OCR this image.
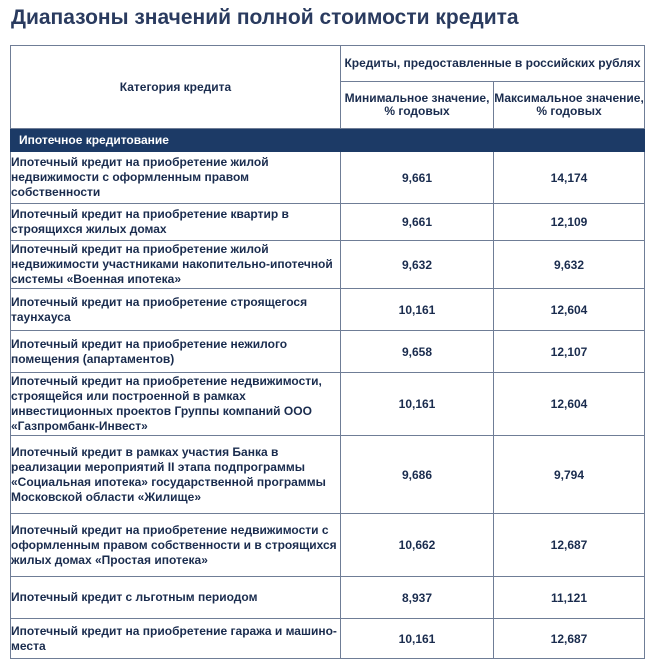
Диапазоны значений полной стоимости кредита
Категория кредита	Кредиты, предоставленные в российских рублях	
	Минимальное значение, % годовых	Максимальное значение, % годовых
Ипотечное кредитование		
Ипотечный кредит на приобретение жилой недвижимости с оформленным правом собственности	9,661	14,174
Ипотечный кредит на приобретение квартир в строящихся жилых домах	9,661	12,109
Ипотечный кредит на приобретение жилой недвижимости участниками накопительно-ипотечной системы «Военная ипотека»	9,632	9,632
Ипотечный кредит на приобретение строящегося таунхауса	10,161	12,604
Ипотечный кредит на приобретение нежилого помещения (апартаментов)	9,658	12,107
Ипотечный кредит на приобретение недвижимости, строящейся или построенной в рамках инвестиционных проектов Группы компаний ООО «Газпромбанк-Инвест»	10,161	12,604
Ипотечный кредит в рамках участия Банка в реализации мероприятий II этапа подпрограммы «Социальная ипотека» государственной программы Московской области «Жилище»	9,686	9,794
Ипотечный кредит на приобретение недвижимости с оформленным правом собственности и в строящихся жилых домах «Простая ипотека»	10,662	12,687
Ипотечный кредит с льготным периодом	8,937	11,121
Ипотечный кредит на приобретение гаража и машино-места	10,161	12,687
